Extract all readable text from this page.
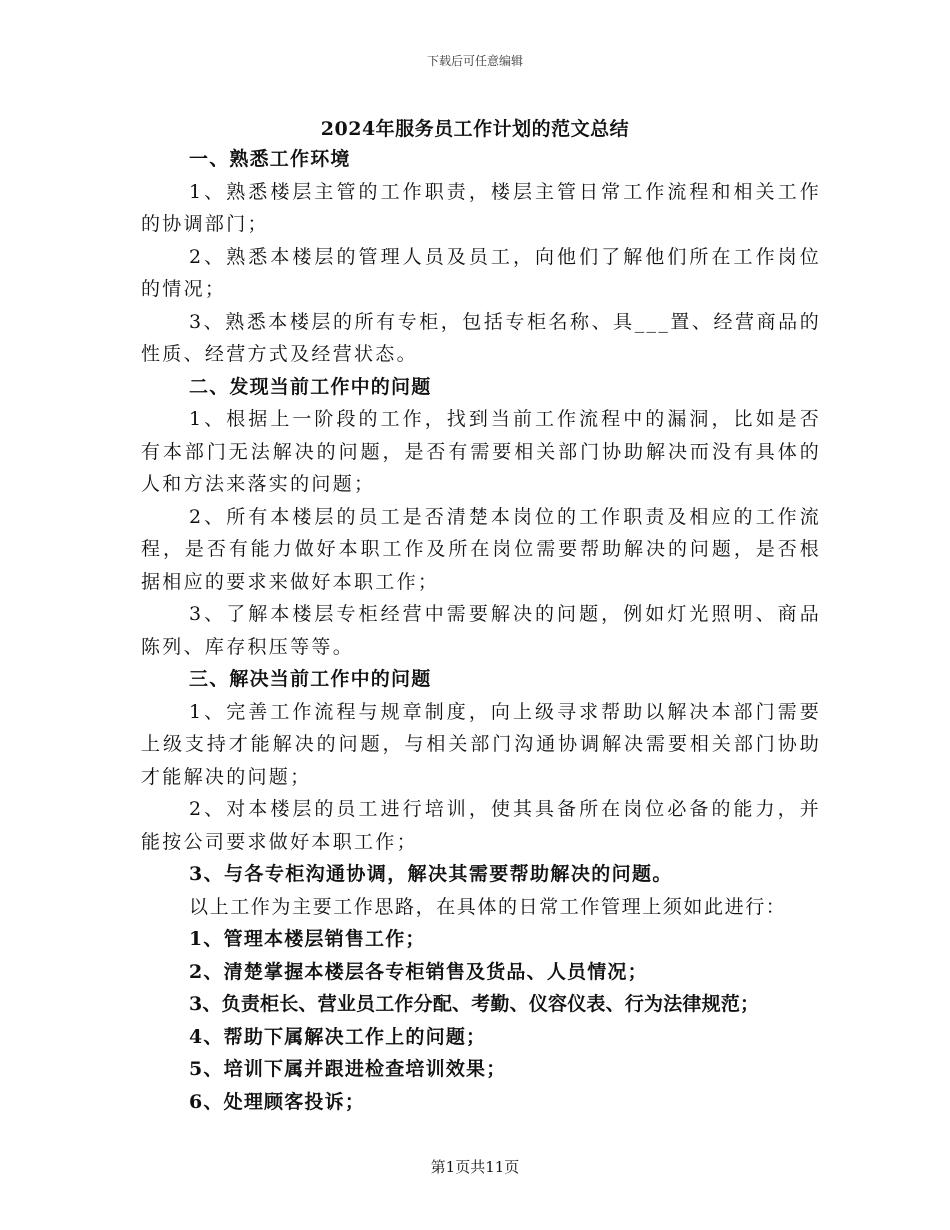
下载后可任意编辑
2024年服务员工作计划的范文总结

一、熟悉工作环境

1、熟悉楼层主管的工作职责，楼层主管日常工作流程和相关工作的协调部门；

2、熟悉本楼层的管理人员及员工，向他们了解他们所在工作岗位的情况；

3、熟悉本楼层的所有专柜，包括专柜名称、具___置、经营商品的性质、经营方式及经营状态。

二、发现当前工作中的问题

1、根据上一阶段的工作，找到当前工作流程中的漏洞，比如是否有本部门无法解决的问题，是否有需要相关部门协助解决而没有具体的人和方法来落实的问题；

2、所有本楼层的员工是否清楚本岗位的工作职责及相应的工作流程，是否有能力做好本职工作及所在岗位需要帮助解决的问题，是否根据相应的要求来做好本职工作；

3、了解本楼层专柜经营中需要解决的问题，例如灯光照明、商品陈列、库存积压等等。

三、解决当前工作中的问题

1、完善工作流程与规章制度，向上级寻求帮助以解决本部门需要上级支持才能解决的问题，与相关部门沟通协调解决需要相关部门协助才能解决的问题；

2、对本楼层的员工进行培训，使其具备所在岗位必备的能力，并能按公司要求做好本职工作；

3、与各专柜沟通协调，解决其需要帮助解决的问题。

以上工作为主要工作思路，在具体的日常工作管理上须如此进行：

1、管理本楼层销售工作；

2、清楚掌握本楼层各专柜销售及货品、人员情况；

3、负责柜长、营业员工作分配、考勤、仪容仪表、行为法律规范；

4、帮助下属解决工作上的问题；

5、培训下属并跟进检查培训效果；

6、处理顾客投诉；

第1页共11页
